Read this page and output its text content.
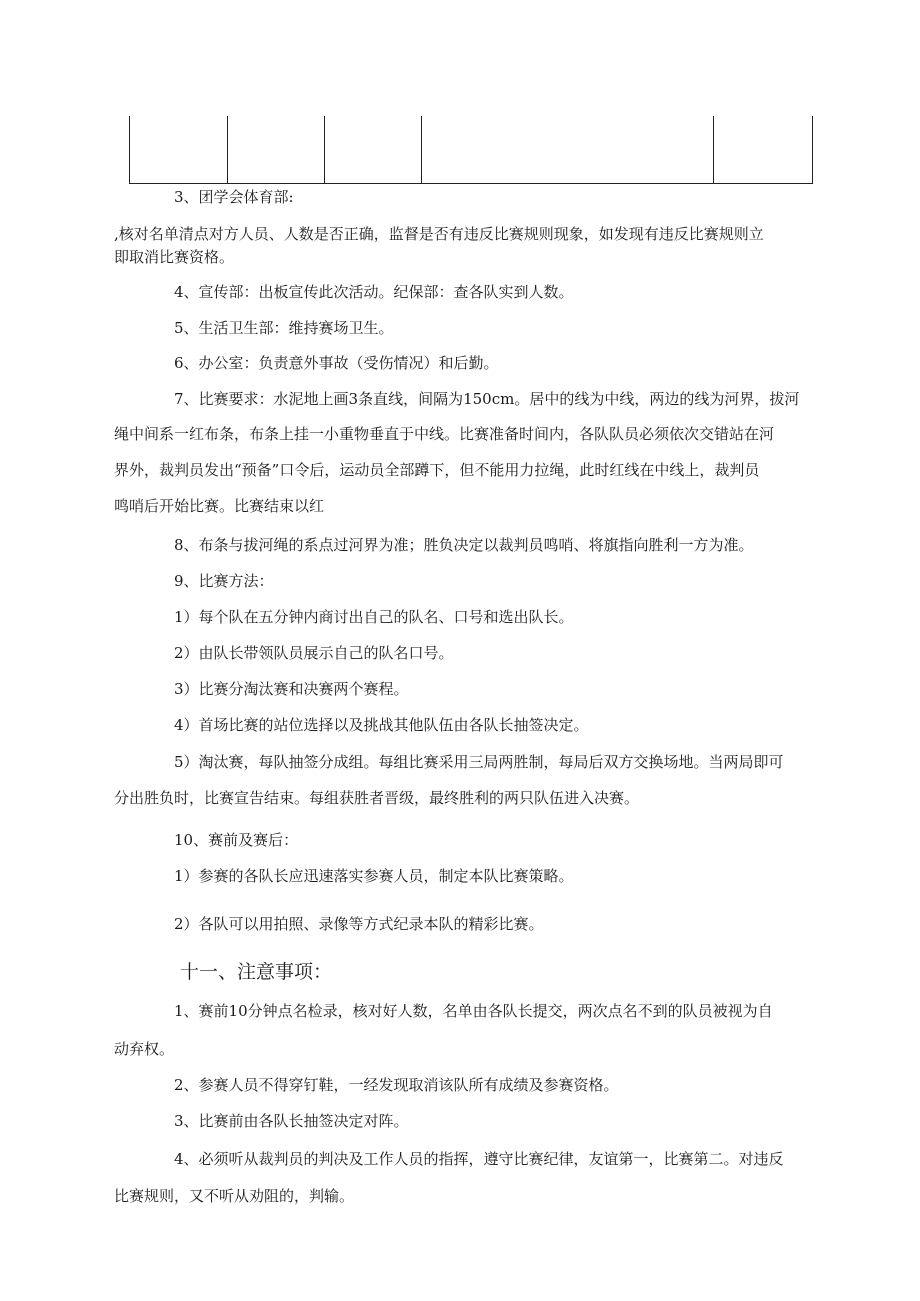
3、团学会体育部:
,核对名单清点对方人员、人数是否正确，监督是否有违反比赛规则现象，如发现有违反比赛规则立
即取消比赛资格。
4、宣传部：出板宣传此次活动。纪保部：查各队实到人数。
5、生活卫生部：维持赛场卫生。
6、办公室：负责意外事故（受伤情况）和后勤。
7、比赛要求：水泥地上画3条直线，间隔为150cm。居中的线为中线，两边的线为河界，拔河
绳中间系一红布条，布条上挂一小重物垂直于中线。比赛准备时间内，各队队员必须依次交错站在河
界外，裁判员发出“预备”口令后，运动员全部蹲下，但不能用力拉绳，此时红线在中线上，裁判员
鸣哨后开始比赛。比赛结束以红
8、布条与拔河绳的系点过河界为准；胜负决定以裁判员鸣哨、将旗指向胜利一方为准。
9、比赛方法：
1）每个队在五分钟内商讨出自己的队名、口号和选出队长。
2）由队长带领队员展示自己的队名口号。
3）比赛分淘汰赛和决赛两个赛程。
4）首场比赛的站位选择以及挑战其他队伍由各队长抽签决定。
5）淘汰赛，每队抽签分成组。每组比赛采用三局两胜制，每局后双方交换场地。当两局即可
分出胜负时，比赛宣告结束。每组获胜者晋级，最终胜利的两只队伍进入决赛。
10、赛前及赛后：
1）参赛的各队长应迅速落实参赛人员，制定本队比赛策略。
2）各队可以用拍照、录像等方式纪录本队的精彩比赛。
十一、注意事项：
1、赛前10分钟点名检录，核对好人数，名单由各队长提交，两次点名不到的队员被视为自
动弃权。
2、参赛人员不得穿钉鞋，一经发现取消该队所有成绩及参赛资格。
3、比赛前由各队长抽签决定对阵。
4、必须听从裁判员的判决及工作人员的指挥，遵守比赛纪律，友谊第一，比赛第二。对违反
比赛规则，又不听从劝阻的，判输。
